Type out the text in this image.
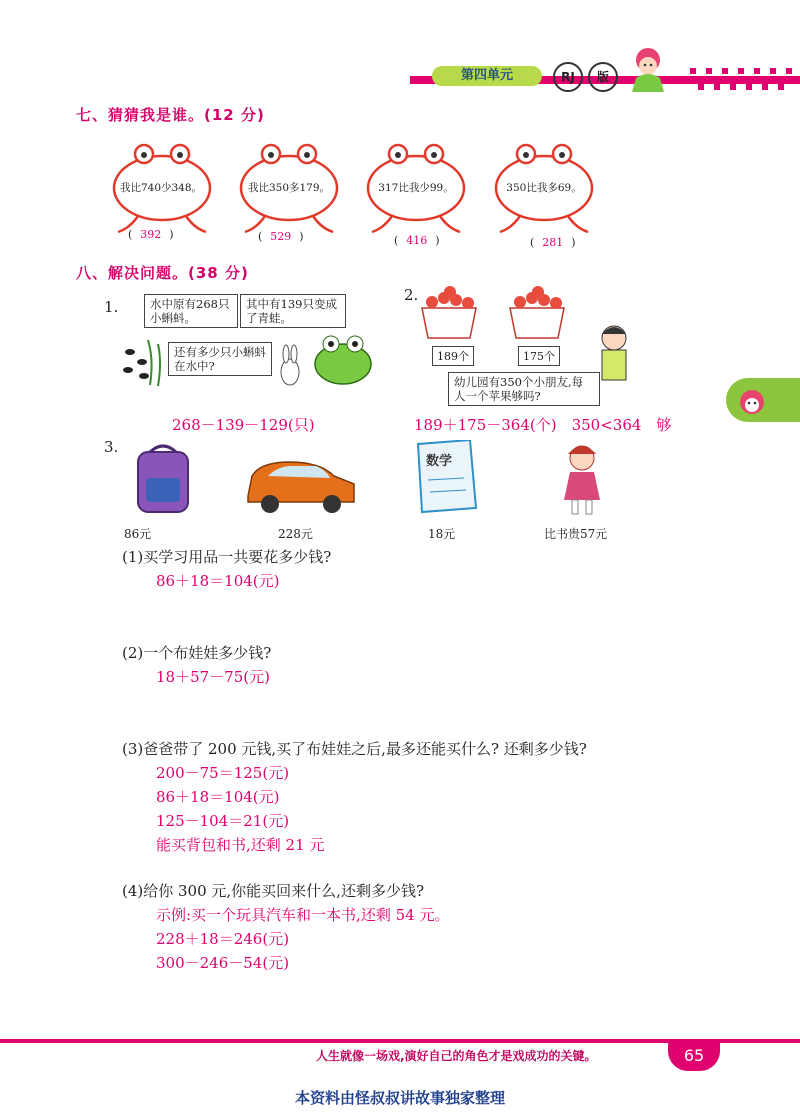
第四单元	RJ	版
七、猜猜我是谁。(12 分)
我比740少348。	我比350多179。	317比我少99。	350比我多69。
( 392 )	( 529 )	( 416 )	( 281 )
八、解决问题。(38 分)
1.	水中原有268只小蝌蚪。
其中有139只变成了青蛙。
还有多少只小蝌蚪在水中?
268－139－129(只)
2.
189个	175个
幼儿园有350个小朋友,每人一个苹果够吗?
189＋175－364(个)　350<364　够
3.
数学
86元	228元	18元	比书贵57元
(1)买学习用品一共要花多少钱?
86＋18＝104(元)
(2)一个布娃娃多少钱?
18＋57－75(元)
(3)爸爸带了 200 元钱,买了布娃娃之后,最多还能买什么? 还剩多少钱?
200－75＝125(元)
86＋18＝104(元)
125－104＝21(元)
能买背包和书,还剩 21 元
(4)给你 300 元,你能买回来什么,还剩多少钱?
示例:买一个玩具汽车和一本书,还剩 54 元。
228＋18＝246(元)
300－246－54(元)
人生就像一场戏,演好自己的角色才是戏成功的关键。	65
本资料由怪叔叔讲故事独家整理
